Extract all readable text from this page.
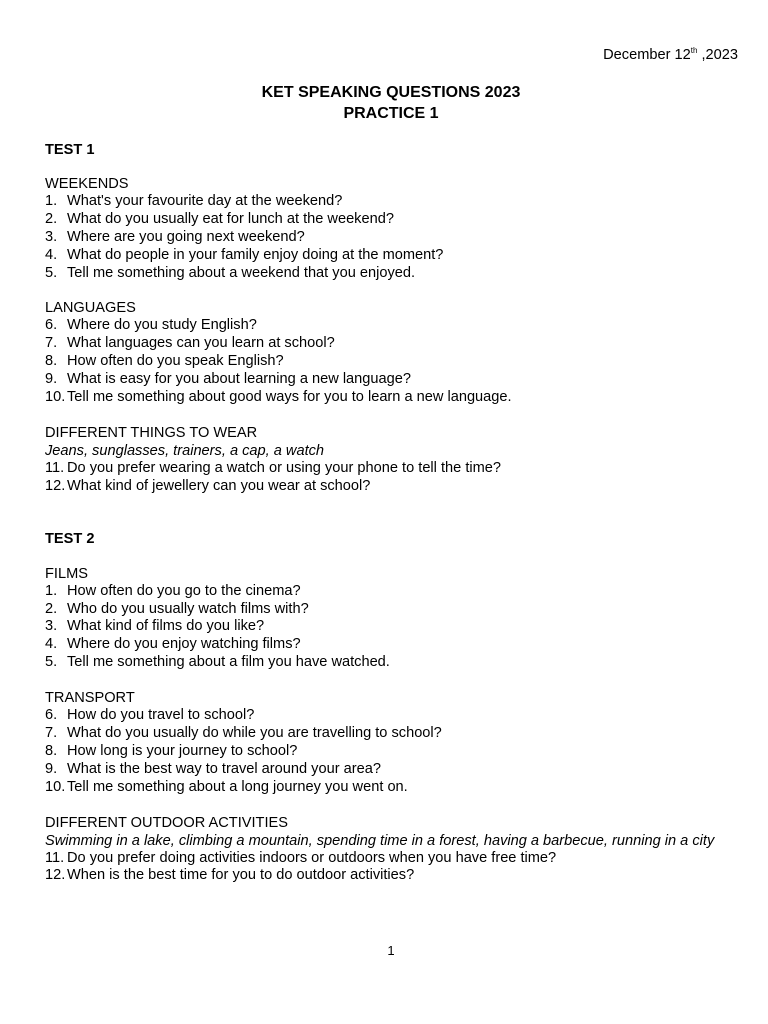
December 12th ,2023
KET SPEAKING QUESTIONS 2023
PRACTICE 1
TEST 1
WEEKENDS
1. What's your favourite day at the weekend?
2. What do you usually eat for lunch at the weekend?
3. Where are you going next weekend?
4. What do people in your family enjoy doing at the moment?
5. Tell me something about a weekend that you enjoyed.
LANGUAGES
6. Where do you study English?
7. What languages can you learn at school?
8. How often do you speak English?
9. What is easy for you about learning a new language?
10. Tell me something about good ways for you to learn a new language.
DIFFERENT THINGS TO WEAR
Jeans, sunglasses, trainers, a cap, a watch
11. Do you prefer wearing a watch or using your phone to tell the time?
12. What kind of jewellery can you wear at school?
TEST 2
FILMS
1. How often do you go to the cinema?
2. Who do you usually watch films with?
3. What kind of films do you like?
4. Where do you enjoy watching films?
5. Tell me something about a film you have watched.
TRANSPORT
6. How do you travel to school?
7. What do you usually do while you are travelling to school?
8. How long is your journey to school?
9. What is the best way to travel around your area?
10. Tell me something about a long journey you went on.
DIFFERENT OUTDOOR ACTIVITIES
Swimming in a lake, climbing a mountain, spending time in a forest, having a barbecue, running in a city
11. Do you prefer doing activities indoors or outdoors when you have free time?
12. When is the best time for you to do outdoor activities?
1
